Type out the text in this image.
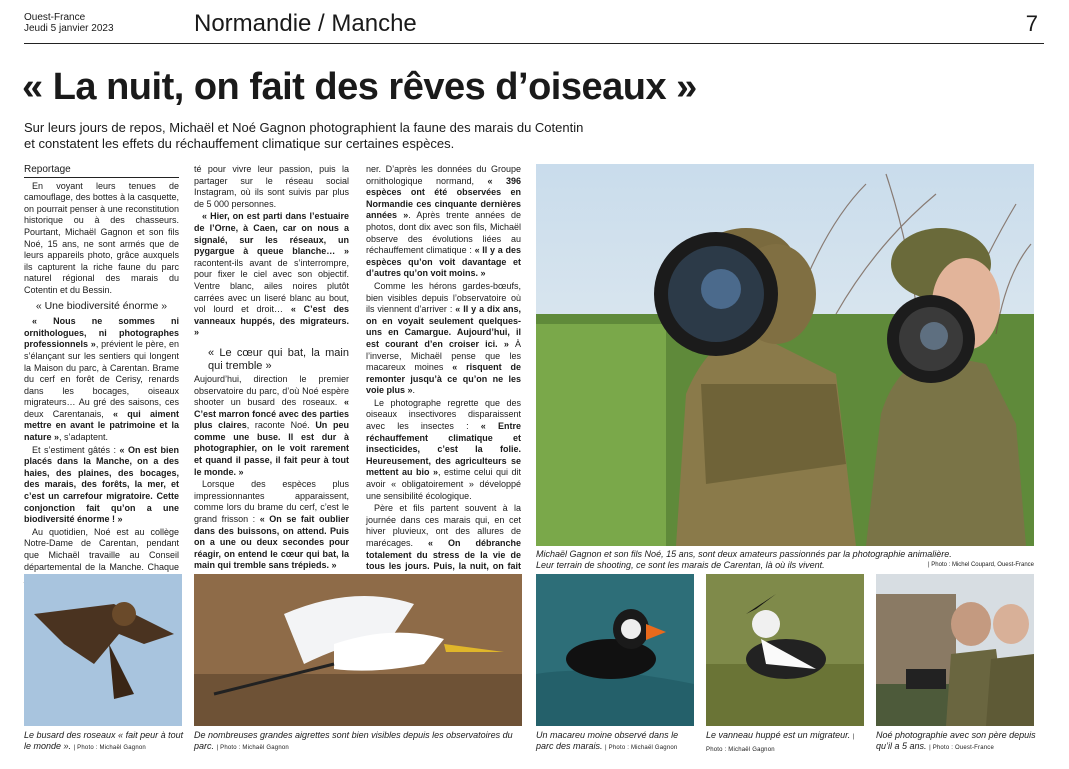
Ouest-France
Jeudi 5 janvier 2023	Normandie / Manche	7
« La nuit, on fait des rêves d’oiseaux »
Sur leurs jours de repos, Michaël et Noé Gagnon photographient la faune des marais du Cotentin
et constatent les effets du réchauffement climatique sur certaines espèces.
Reportage

En voyant leurs tenues de camouflage, des bottes à la casquette, on pourrait penser à une reconstitution historique ou à des chasseurs. Pourtant, Michaël Gagnon et son fils Noé, 15 ans, ne sont armés que de leurs appareils photo, grâce auxquels ils capturent la riche faune du parc naturel régional des marais du Cotentin et du Bessin.

« Une biodiversité énorme »

« Nous ne sommes ni ornithologues, ni photographes professionnels », prévient le père, en s’élançant sur les sentiers qui longent la Maison du parc, à Carentan. Brame du cerf en forêt de Cerisy, renards dans les bocages, oiseaux migrateurs… Au gré des saisons, ces deux Carentanais, « qui aiment mettre en avant le patrimoine et la nature », s’adaptent.

Et s’estiment gâtés : « On est bien placés dans la Manche, on a des haies, des plaines, des bocages, des marais, des forêts, la mer, et c’est un carrefour migratoire. Cette conjonction fait qu’on a une biodiversité énorme ! »

Au quotidien, Noé est au collège Notre-Dame de Carentan, pendant que Michaël travaille au Conseil départemental de la Manche. Chaque

té pour vivre leur passion, puis la partager sur le réseau social Instagram, où ils sont suivis par plus de 5 000 personnes.

« Hier, on est parti dans l’estuaire de l’Orne, à Caen, car on nous a signalé, sur les réseaux, un pygargue à queue blanche… » racontent-ils avant de s’interrompre, pour fixer le ciel avec son objectif. Ventre blanc, ailes noires plutôt carrées avec un liseré blanc au bout, vol lourd et droit… « C’est des vanneaux huppés, des migrateurs. »

« Le cœur qui bat, la main qui tremble »

Aujourd’hui, direction le premier observatoire du parc, d’où Noé espère shooter un busard des roseaux. « C’est marron foncé avec des parties plus claires, raconte Noé. Un peu comme une buse. Il est dur à photographier, on le voit rarement et quand il passe, il fait peur à tout le monde. »

Lorsque des espèces plus impressionnantes apparaissent, comme lors du brame du cerf, c’est le grand frisson : « On se fait oublier dans des buissons, on attend. Puis on a une ou deux secondes pour réagir, on entend le cœur qui bat, la main qui tremble sans trépieds. »

ner. D’après les données du Groupe ornithologique normand, « 396 espèces ont été observées en Normandie ces cinquante dernières années ». Après trente années de photos, dont dix avec son fils, Michaël observe des évolutions liées au réchauffement climatique : « Il y a des espèces qu’on voit davantage et d’autres qu’on voit moins. »

Comme les hérons gardes-bœufs, bien visibles depuis l’observatoire où ils viennent d’arriver : « Il y a dix ans, on en voyait seulement quelques-uns en Camargue. Aujourd’hui, il est courant d’en croiser ici. » À l’inverse, Michaël pense que les macareux moines « risquent de remonter jusqu’à ce qu’on ne les voie plus ».

Le photographe regrette que des oiseaux insectivores disparaissent avec les insectes : « Entre réchauffement climatique et insecticides, c’est la folie. Heureusement, des agriculteurs se mettent au bio », estime celui qui dit avoir « obligatoirement » développé une sensibilité écologique.

Père et fils partent souvent à la journée dans ces marais qui, en cet hiver pluvieux, ont des allures de marécages. « On débranche totalement du stress de la vie de tous les jours. Puis, la nuit, on fait

Michaël Gagnon et son fils Noé, 15 ans, sont deux amateurs passionnés par la photographie animalière.
Leur terrain de shooting, ce sont les marais de Carentan, là où ils vivent.	| Photo : Michel Coupard, Ouest-France
Le busard des roseaux « fait peur à tout le monde ». | Photo : Michaël Gagnon
De nombreuses grandes aigrettes sont bien visibles depuis les observatoires du parc. | Photo : Michaël Gagnon
Un macareu moine observé dans le parc des marais. | Photo : Michaël Gagnon
Le vanneau huppé est un migrateur. | Photo : Michaël Gagnon
Noé photographie avec son père depuis qu’il a 5 ans. | Photo : Ouest-France
